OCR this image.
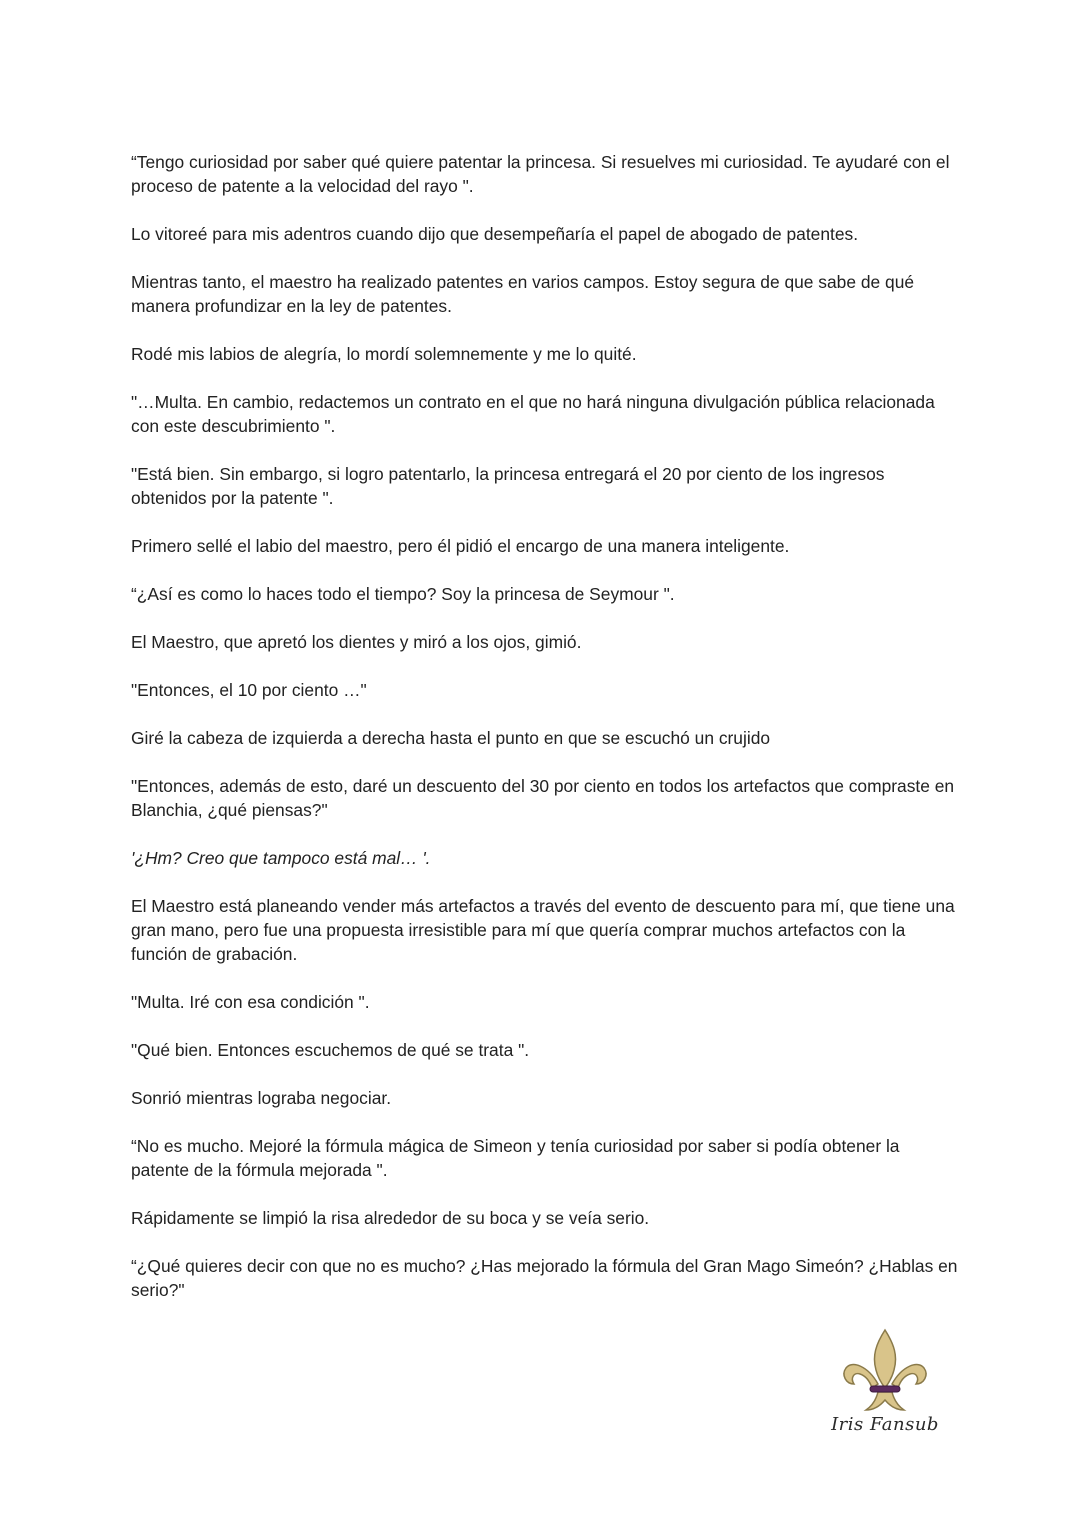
“Tengo curiosidad por saber qué quiere patentar la princesa. Si resuelves mi curiosidad. Te ayudaré con el proceso de patente a la velocidad del rayo ".

Lo vitoreé para mis adentros cuando dijo que desempeñaría el papel de abogado de patentes.

Mientras tanto, el maestro ha realizado patentes en varios campos. Estoy segura de que sabe de qué manera profundizar en la ley de patentes.

Rodé mis labios de alegría, lo mordí solemnemente y me lo quité.

"…Multa. En cambio, redactemos un contrato en el que no hará ninguna divulgación pública relacionada con este descubrimiento ".

"Está bien. Sin embargo, si logro patentarlo, la princesa entregará el 20 por ciento de los ingresos obtenidos por la patente ".

Primero sellé el labio del maestro, pero él pidió el encargo de una manera inteligente.

“¿Así es como lo haces todo el tiempo? Soy la princesa de Seymour ".

El Maestro, que apretó los dientes y miró a los ojos, gimió.

"Entonces, el 10 por ciento …"

Giré la cabeza de izquierda a derecha hasta el punto en que se escuchó un crujido

"Entonces, además de esto, daré un descuento del 30 por ciento en todos los artefactos que compraste en Blanchia, ¿qué piensas?"

'¿Hm? Creo que tampoco está mal… '.

El Maestro está planeando vender más artefactos a través del evento de descuento para mí, que tiene una gran mano, pero fue una propuesta irresistible para mí que quería comprar muchos artefactos con la función de grabación.

"Multa. Iré con esa condición ".

"Qué bien. Entonces escuchemos de qué se trata ".

Sonrió mientras lograba negociar.

“No es mucho. Mejoré la fórmula mágica de Simeon y tenía curiosidad por saber si podía obtener la patente de la fórmula mejorada ".

Rápidamente se limpió la risa alrededor de su boca y se veía serio.

“¿Qué quieres decir con que no es mucho? ¿Has mejorado la fórmula del Gran Mago Simeón? ¿Hablas en serio?"

Iris Fansub
